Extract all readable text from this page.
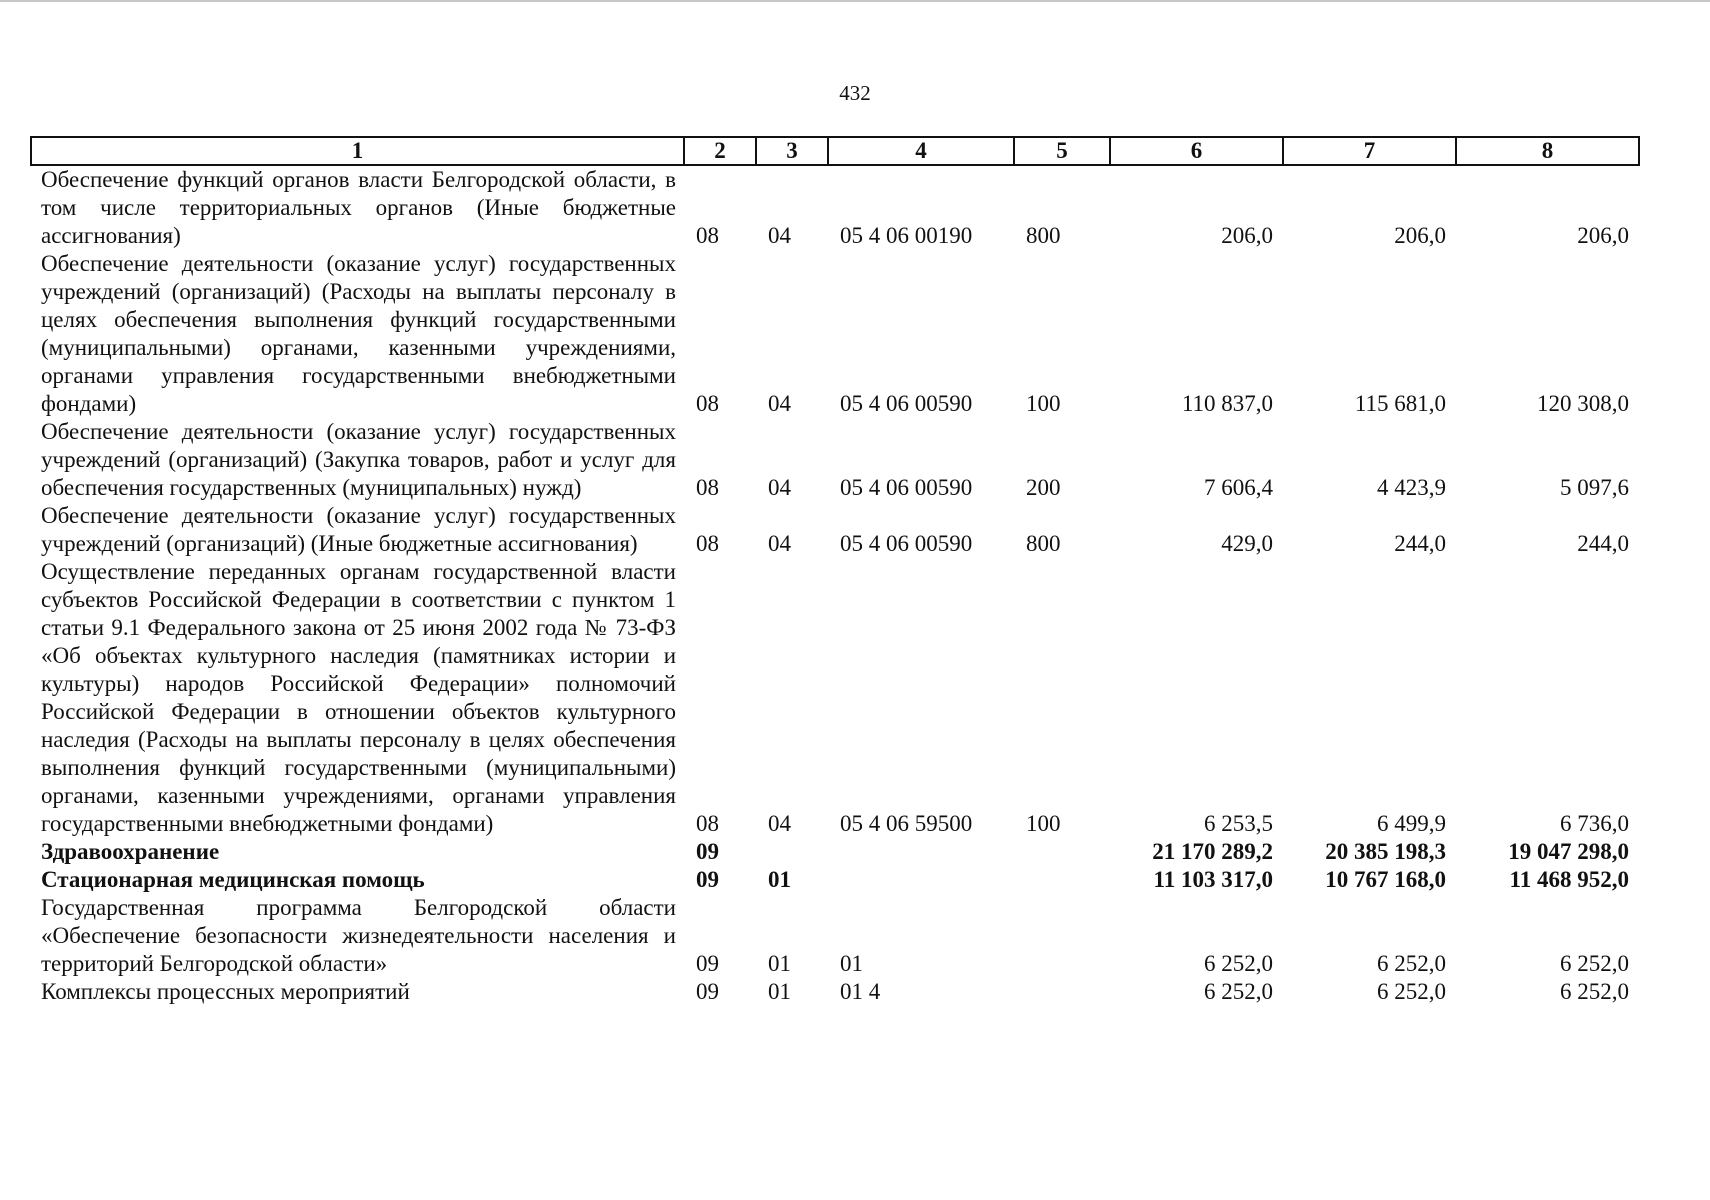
432
1	2	3	4	5	6	7	8
Обеспечение функций органов власти Белгородской области, в том числе территориальных органов (Иные бюджетные ассигнования)	08	04	05 4 06 00190	800	206,0	206,0	206,0
Обеспечение деятельности (оказание услуг) государственных учреждений (организаций) (Расходы на выплаты персоналу в целях обеспечения выполнения функций государственными (муниципальными) органами, казенными учреждениями, органами управления государственными внебюджетными фондами)	08	04	05 4 06 00590	100	110 837,0	115 681,0	120 308,0
Обеспечение деятельности (оказание услуг) государственных учреждений (организаций) (Закупка товаров, работ и услуг для обеспечения государственных (муниципальных) нужд)	08	04	05 4 06 00590	200	7 606,4	4 423,9	5 097,6
Обеспечение деятельности (оказание услуг) государственных учреждений (организаций) (Иные бюджетные ассигнования)	08	04	05 4 06 00590	800	429,0	244,0	244,0
Осуществление переданных органам государственной власти субъектов Российской Федерации в соответствии с пунктом 1 статьи 9.1 Федерального закона от 25 июня 2002 года № 73-ФЗ «Об объектах культурного наследия (памятниках истории и культуры) народов Российской Федерации» полномочий Российской Федерации в отношении объектов культурного наследия (Расходы на выплаты персоналу в целях обеспечения выполнения функций государственными (муниципальными) органами, казенными учреждениями, органами управления государственными внебюджетными фондами)	08	04	05 4 06 59500	100	6 253,5	6 499,9	6 736,0
Здравоохранение	09				21 170 289,2	20 385 198,3	19 047 298,0
Стационарная медицинская помощь	09	01			11 103 317,0	10 767 168,0	11 468 952,0
Государственная программа Белгородской области «Обеспечение безопасности жизнедеятельности населения и территорий Белгородской области»	09	01	01		6 252,0	6 252,0	6 252,0
Комплексы процессных мероприятий	09	01	01 4		6 252,0	6 252,0	6 252,0
